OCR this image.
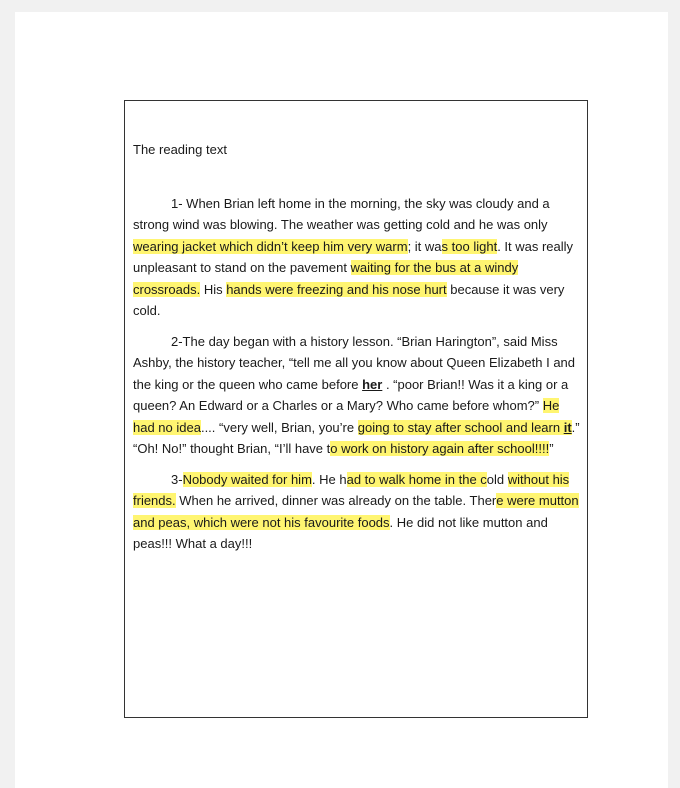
The reading text

1- When Brian left home in the morning, the sky was cloudy and a strong wind was blowing. The weather was getting cold and he was only wearing jacket which didn’t keep him very warm; it was too light. It was really unpleasant to stand on the pavement waiting for the bus at a windy crossroads. His hands were freezing and his nose hurt because it was very cold.

2-The day began with a history lesson. “Brian Harington”, said Miss Ashby, the history teacher, “tell me all you know about Queen Elizabeth I and the king or the queen who came before her . “poor Brian!! Was it a king or a queen? An Edward or a Charles or a Mary? Who came before whom?” He had no idea.... “very well, Brian, you’re going to stay after school and learn it.” “Oh! No!” thought Brian, “I’ll have to work on history again after school!!!!”

3-Nobody waited for him. He had to walk home in the cold without his friends. When he arrived, dinner was already on the table. There were mutton and peas, which were not his favourite foods. He did not like mutton and peas!!! What a day!!!
